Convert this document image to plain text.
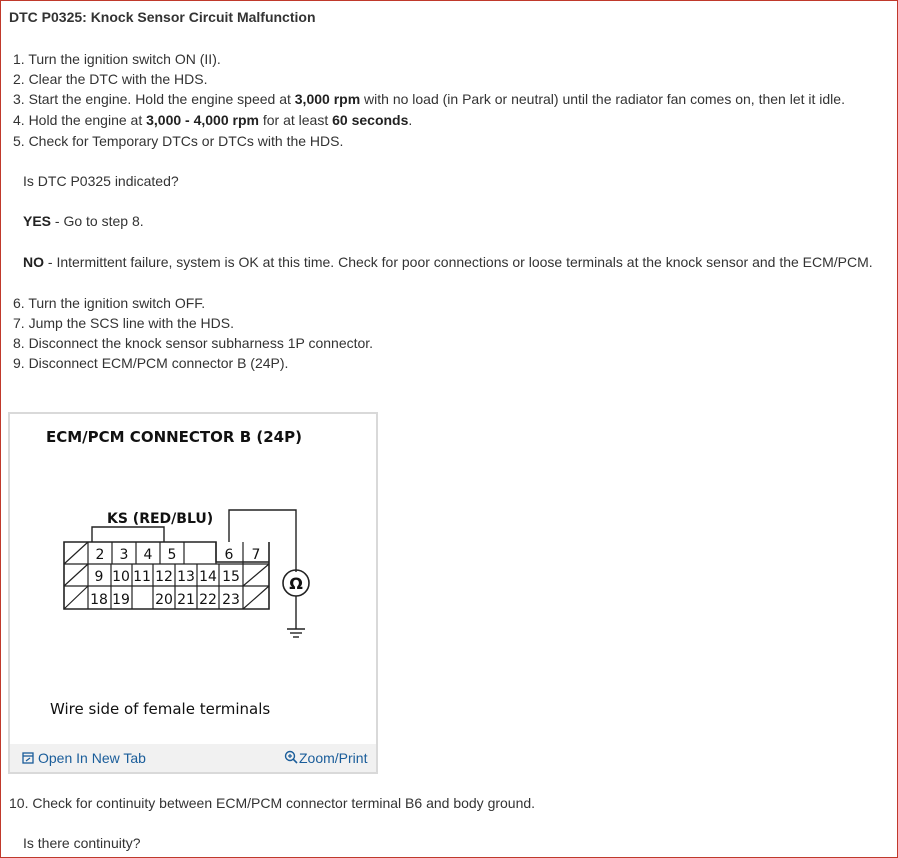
DTC P0325: Knock Sensor Circuit Malfunction
1. Turn the ignition switch ON (II).
2. Clear the DTC with the HDS.
3. Start the engine. Hold the engine speed at 3,000 rpm with no load (in Park or neutral) until the radiator fan comes on, then let it idle.
4. Hold the engine at 3,000 - 4,000 rpm for at least 60 seconds.
5. Check for Temporary DTCs or DTCs with the HDS.
Is DTC P0325 indicated?
YES - Go to step 8.
NO - Intermittent failure, system is OK at this time. Check for poor connections or loose terminals at the knock sensor and the ECM/PCM.
6. Turn the ignition switch OFF.
7. Jump the SCS line with the HDS.
8. Disconnect the knock sensor subharness 1P connector.
9. Disconnect ECM/PCM connector B (24P).
ECM/PCM CONNECTOR B (24P)
KS (RED/BLU)
2 3 4 5	6 7
9 10 11 12 13 14 15
18 19 20 21 22 23
Ω
Wire side of female terminals
Open In New Tab	Zoom/Print
10. Check for continuity between ECM/PCM connector terminal B6 and body ground.
Is there continuity?
